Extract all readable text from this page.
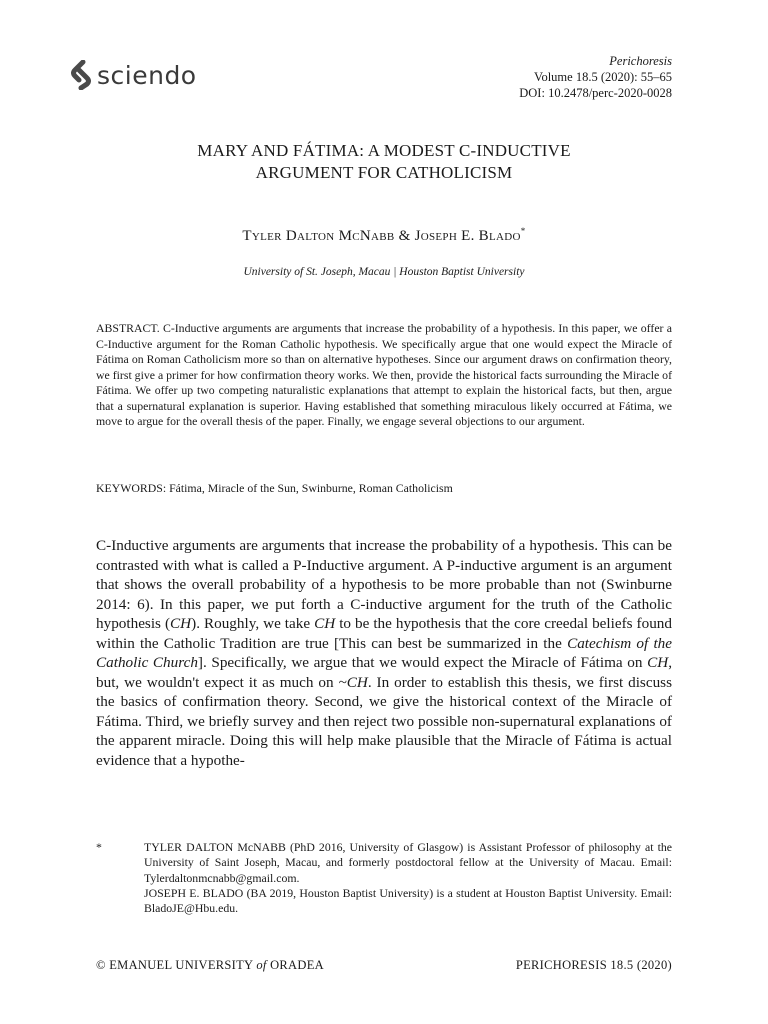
sciendo	Perichoresis
Volume 18.5 (2020): 55–65
DOI: 10.2478/perc-2020-0028
MARY AND FÁTIMA: A MODEST C-INDUCTIVE
ARGUMENT FOR CATHOLICISM
Tyler Dalton McNabb & Joseph E. Blado*
University of St. Joseph, Macau | Houston Baptist University
ABSTRACT. C-Inductive arguments are arguments that increase the probability of a hypothesis. In this paper, we offer a C-Inductive argument for the Roman Catholic hypothesis. We specifically argue that one would expect the Miracle of Fátima on Roman Catholicism more so than on alternative hypotheses. Since our argument draws on confirmation theory, we first give a primer for how confirmation theory works. We then, provide the historical facts surrounding the Miracle of Fátima. We offer up two competing naturalistic explanations that attempt to explain the historical facts, but then, argue that a supernatural explanation is superior. Having established that something miraculous likely occurred at Fátima, we move to argue for the overall thesis of the paper. Finally, we engage several objections to our argument.
KEYWORDS: Fátima, Miracle of the Sun, Swinburne, Roman Catholicism

C-Inductive arguments are arguments that increase the probability of a hypothesis. This can be contrasted with what is called a P-Inductive argument. A P-inductive argument is an argument that shows the overall probability of a hypothesis to be more probable than not (Swinburne 2014: 6). In this paper, we put forth a C-inductive argument for the truth of the Catholic hypothesis (CH). Roughly, we take CH to be the hypothesis that the core creedal beliefs found within the Catholic Tradition are true [This can best be summarized in the Catechism of the Catholic Church]. Specifically, we argue that we would expect the Miracle of Fátima on CH, but, we wouldn't expect it as much on ~CH. In order to establish this thesis, we first discuss the basics of confirmation theory. Second, we give the historical context of the Miracle of Fátima. Third, we briefly survey and then reject two possible non-supernatural explanations of the apparent miracle. Doing this will help make plausible that the Miracle of Fátima is actual evidence that a hypothe-

*	TYLER DALTON McNABB (PhD 2016, University of Glasgow) is Assistant Professor of philosophy at the University of Saint Joseph, Macau, and formerly postdoctoral fellow at the University of Macau. Email: Tylerdaltonmcnabb@gmail.com.
JOSEPH E. BLADO (BA 2019, Houston Baptist University) is a student at Houston Baptist University. Email: BladoJE@Hbu.edu.
© EMANUEL UNIVERSITY of ORADEA	PERICHORESIS 18.5 (2020)
